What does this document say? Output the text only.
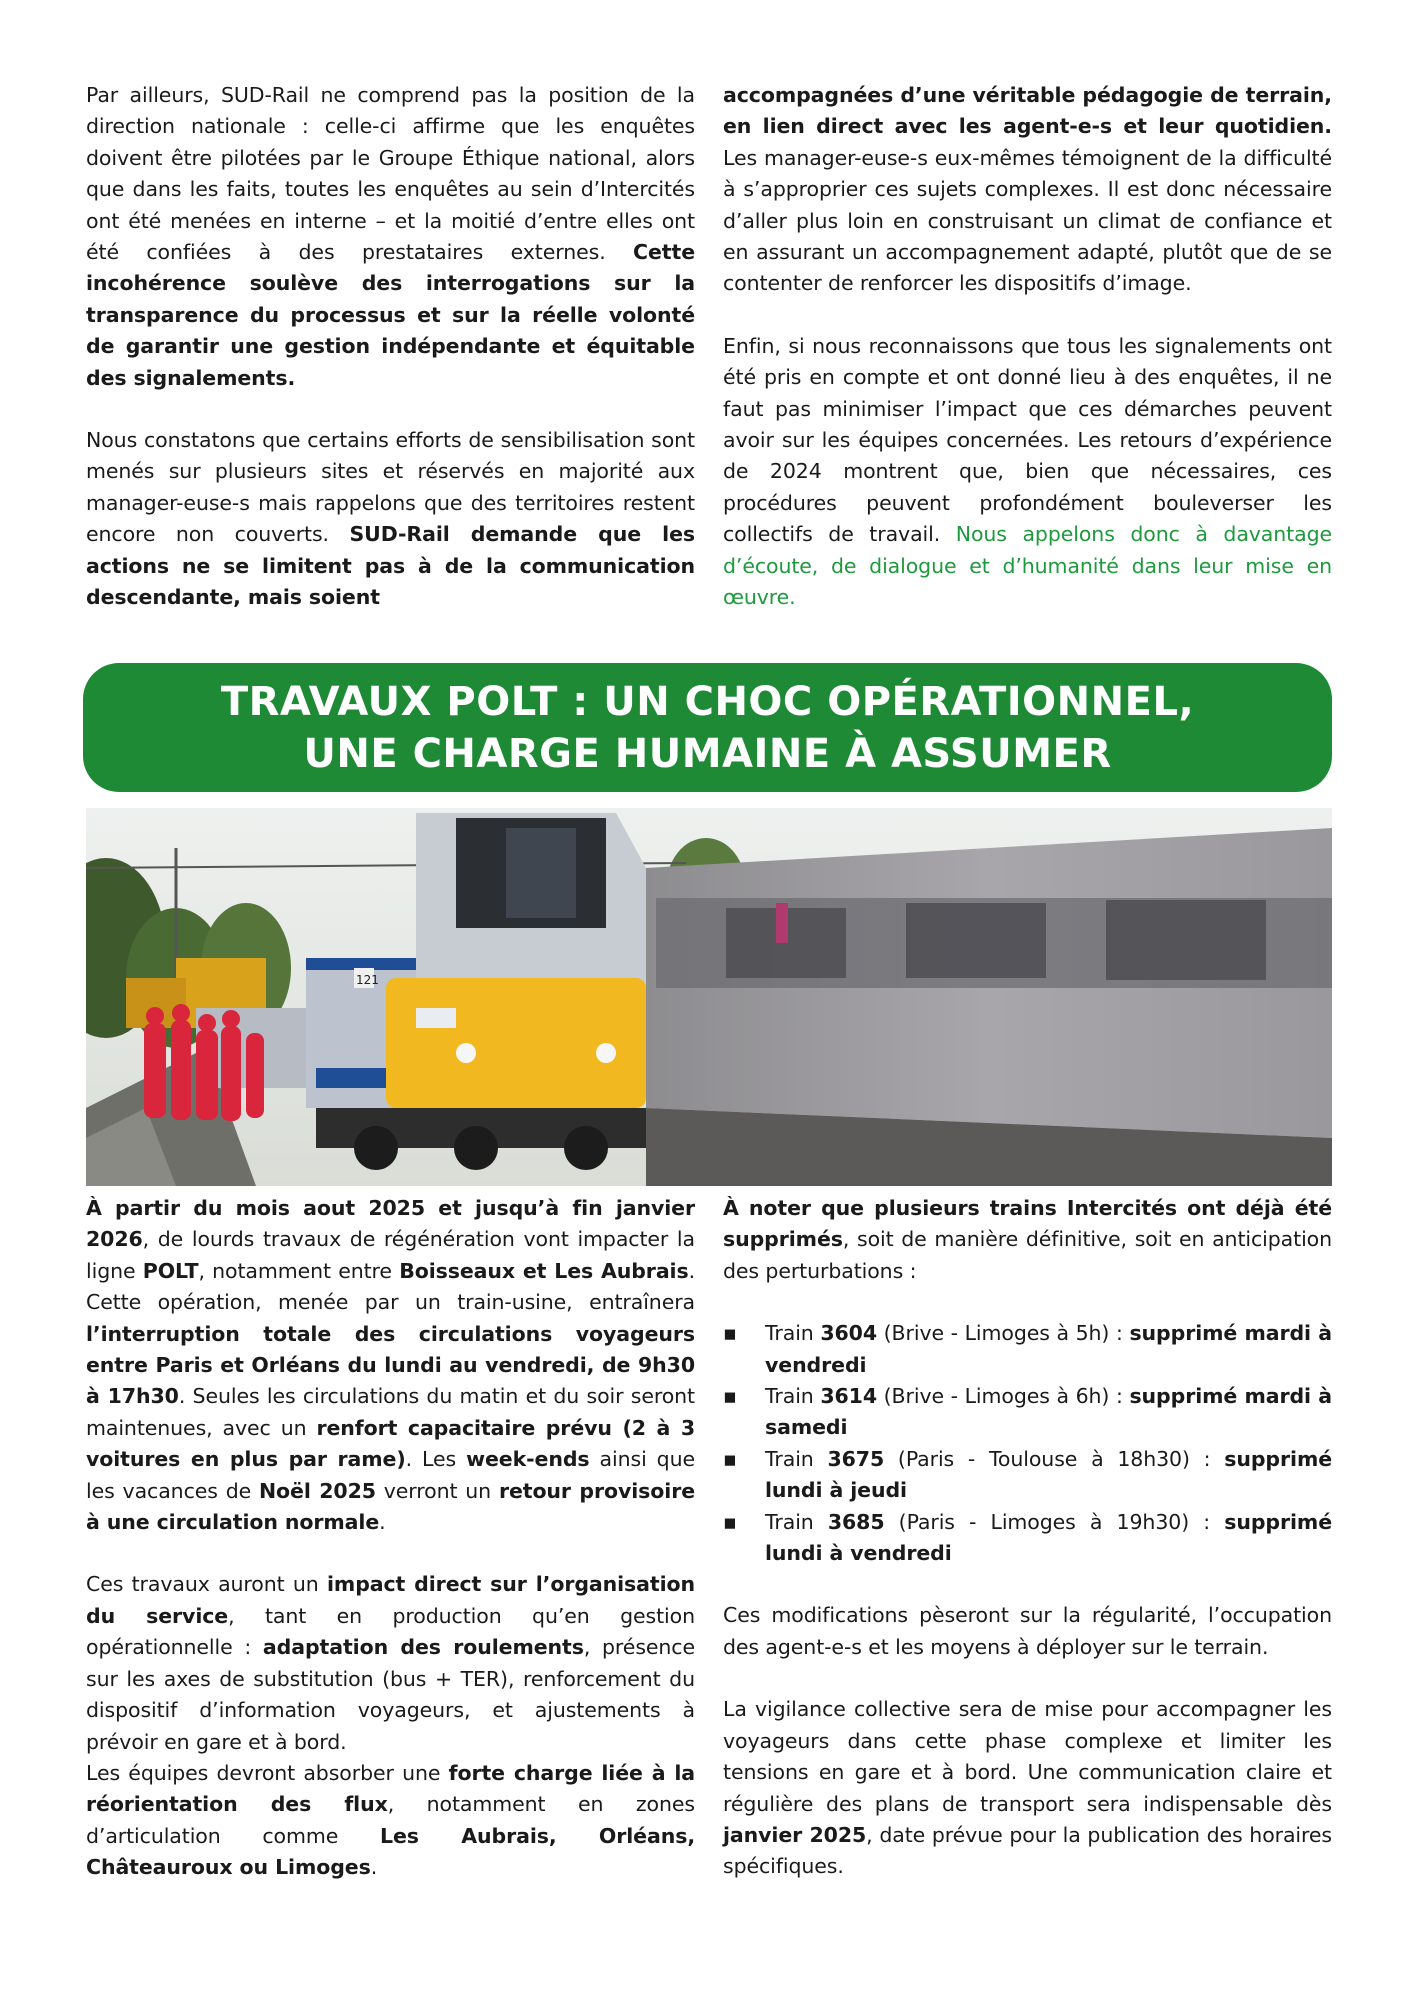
Par ailleurs, SUD-Rail ne comprend pas la position de la direction nationale : celle-ci affirme que les enquêtes doivent être pilotées par le Groupe Éthique national, alors que dans les faits, toutes les enquêtes au sein d’Intercités ont été menées en interne – et la moitié d’entre elles ont été confiées à des prestataires externes. Cette incohérence soulève des interrogations sur la transparence du processus et sur la réelle volonté de garantir une gestion indépendante et équitable des signalements.

Nous constatons que certains efforts de sensibilisation sont menés sur plusieurs sites et réservés en majorité aux manager-euse-s mais rappelons que des territoires restent encore non couverts. SUD-Rail demande que les actions ne se limitent pas à de la communication descendante, mais soient

accompagnées d’une véritable pédagogie de terrain, en lien direct avec les agent-e-s et leur quotidien. Les manager-euse-s eux-mêmes témoignent de la difficulté à s’approprier ces sujets complexes. Il est donc nécessaire d’aller plus loin en construisant un climat de confiance et en assurant un accompagnement adapté, plutôt que de se contenter de renforcer les dispositifs d’image.

Enfin, si nous reconnaissons que tous les signalements ont été pris en compte et ont donné lieu à des enquêtes, il ne faut pas minimiser l’impact que ces démarches peuvent avoir sur les équipes concernées. Les retours d’expérience de 2024 montrent que, bien que nécessaires, ces procédures peuvent profondément bouleverser les collectifs de travail. Nous appelons donc à davantage d’écoute, de dialogue et d’humanité dans leur mise en œuvre.

TRAVAUX POLT : UN CHOC OPÉRATIONNEL,
UNE CHARGE HUMAINE À ASSUMER
121

À partir du mois aout 2025 et jusqu’à fin janvier 2026, de lourds travaux de régénération vont impacter la ligne POLT, notamment entre Boisseaux et Les Aubrais. Cette opération, menée par un train-usine, entraînera l’interruption totale des circulations voyageurs entre Paris et Orléans du lundi au vendredi, de 9h30 à 17h30. Seules les circulations du matin et du soir seront maintenues, avec un renfort capacitaire prévu (2 à 3 voitures en plus par rame). Les week-ends ainsi que les vacances de Noël 2025 verront un retour provisoire à une circulation normale.

Ces travaux auront un impact direct sur l’organisation du service, tant en production qu’en gestion opérationnelle : adaptation des roulements, présence sur les axes de substitution (bus + TER), renforcement du dispositif d’information voyageurs, et ajustements à prévoir en gare et à bord.

Les équipes devront absorber une forte charge liée à la réorientation des flux, notamment en zones d’articulation comme Les Aubrais, Orléans, Châteauroux ou Limoges.

À noter que plusieurs trains Intercités ont déjà été supprimés, soit de manière définitive, soit en anticipation des perturbations :

▪ Train 3604 (Brive - Limoges à 5h) : supprimé mardi à vendredi
▪ Train 3614 (Brive - Limoges à 6h) : supprimé mardi à samedi
▪ Train 3675 (Paris - Toulouse à 18h30) : supprimé lundi à jeudi
▪ Train 3685 (Paris - Limoges à 19h30) : supprimé lundi à vendredi

Ces modifications pèseront sur la régularité, l’occupation des agent-e-s et les moyens à déployer sur le terrain.

La vigilance collective sera de mise pour accompagner les voyageurs dans cette phase complexe et limiter les tensions en gare et à bord. Une communication claire et régulière des plans de transport sera indispensable dès janvier 2025, date prévue pour la publication des horaires spécifiques.
